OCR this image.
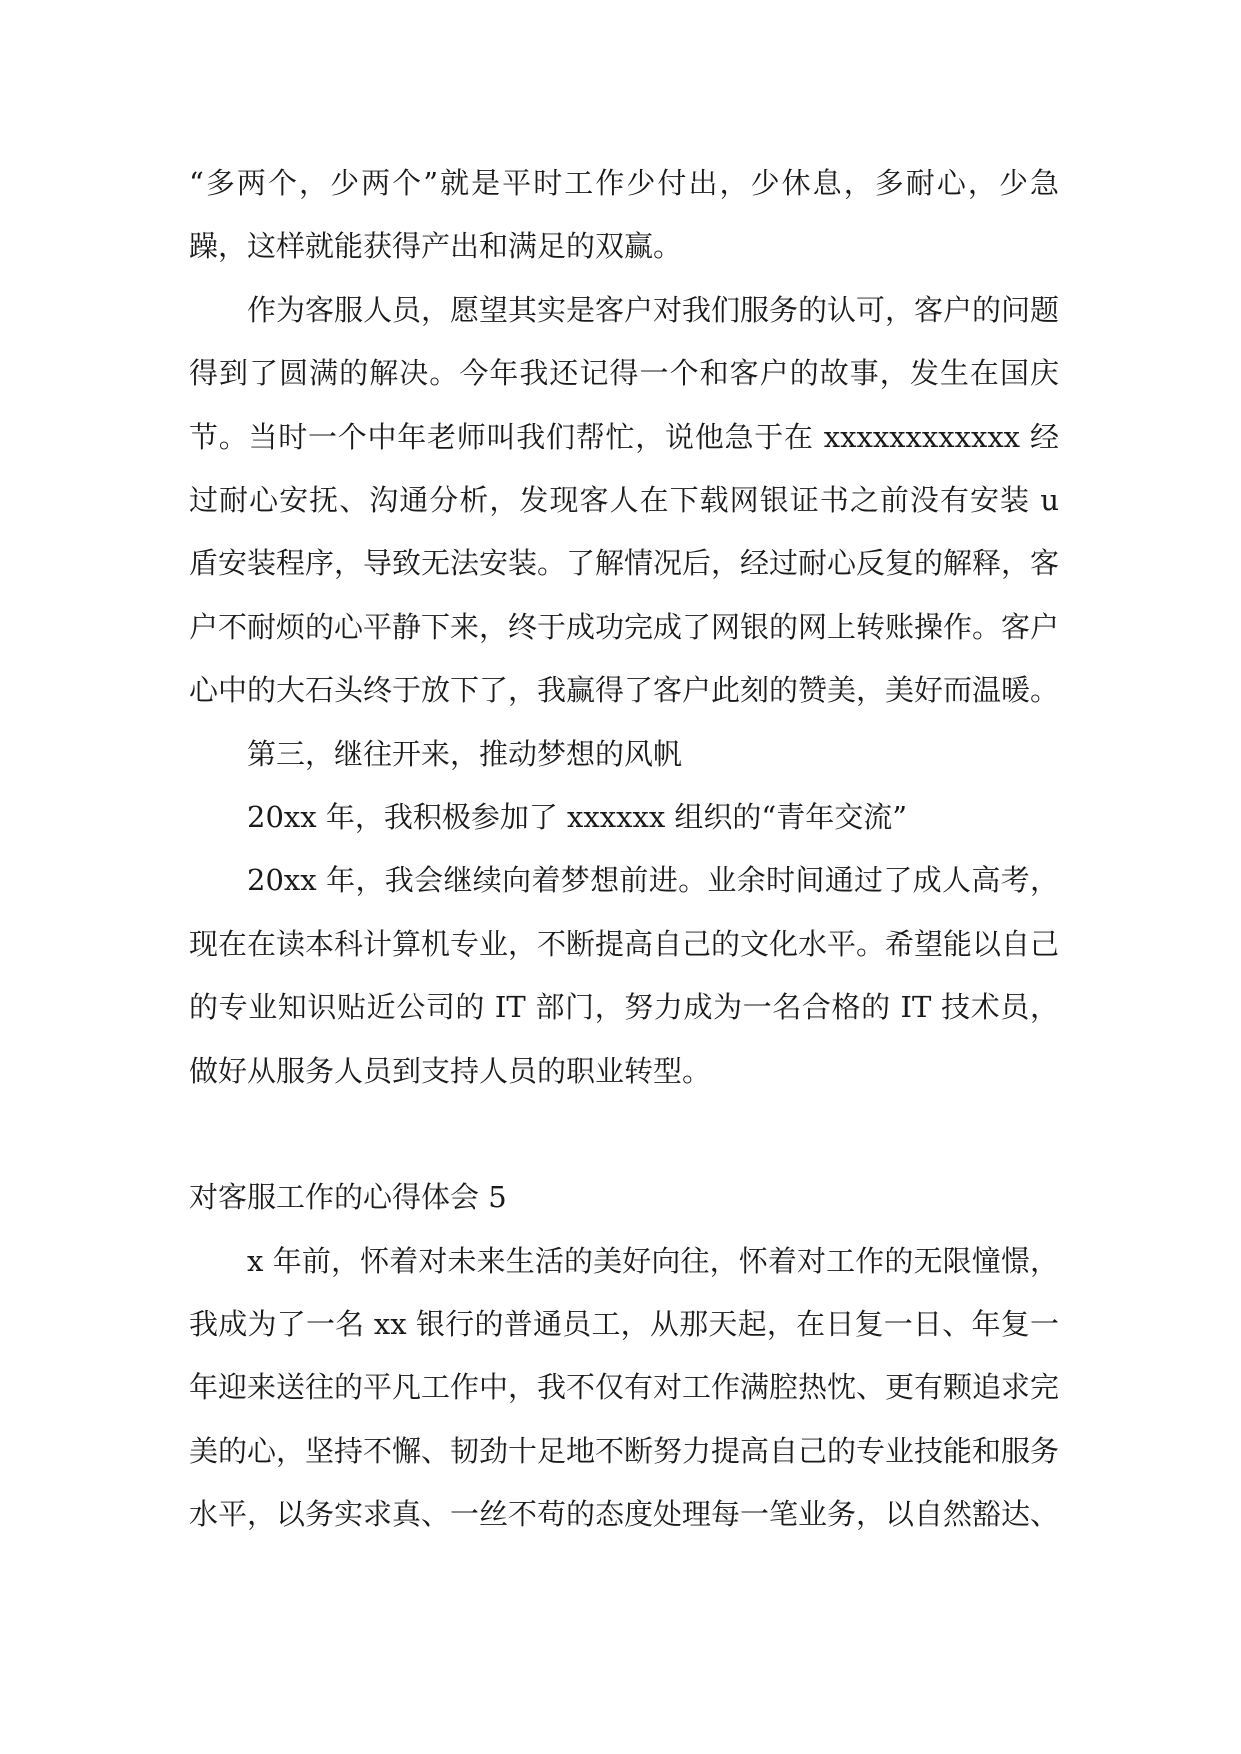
“多两个，少两个”就是平时工作少付出，少休息，多耐心，少急躁，这样就能获得产出和满足的双赢。

作为客服人员，愿望其实是客户对我们服务的认可，客户的问题得到了圆满的解决。今年我还记得一个和客户的故事，发生在国庆节。当时一个中年老师叫我们帮忙，说他急于在 xxxxxxxxxxxx 经过耐心安抚、沟通分析，发现客人在下载网银证书之前没有安装 u 盾安装程序，导致无法安装。了解情况后，经过耐心反复的解释，客户不耐烦的心平静下来，终于成功完成了网银的网上转账操作。客户心中的大石头终于放下了，我赢得了客户此刻的赞美，美好而温暖。

第三，继往开来，推动梦想的风帆

20xx 年，我积极参加了 xxxxxx 组织的“青年交流”

20xx 年，我会继续向着梦想前进。业余时间通过了成人高考，现在在读本科计算机专业，不断提高自己的文化水平。希望能以自己的专业知识贴近公司的 IT 部门，努力成为一名合格的 IT 技术员，做好从服务人员到支持人员的职业转型。

对客服工作的心得体会 5

x 年前，怀着对未来生活的美好向往，怀着对工作的无限憧憬，我成为了一名 xx 银行的普通员工，从那天起，在日复一日、年复一年迎来送往的平凡工作中，我不仅有对工作满腔热忱、更有颗追求完美的心，坚持不懈、韧劲十足地不断努力提高自己的专业技能和服务水平，以务实求真、一丝不苟的态度处理每一笔业务，以自然豁达、
